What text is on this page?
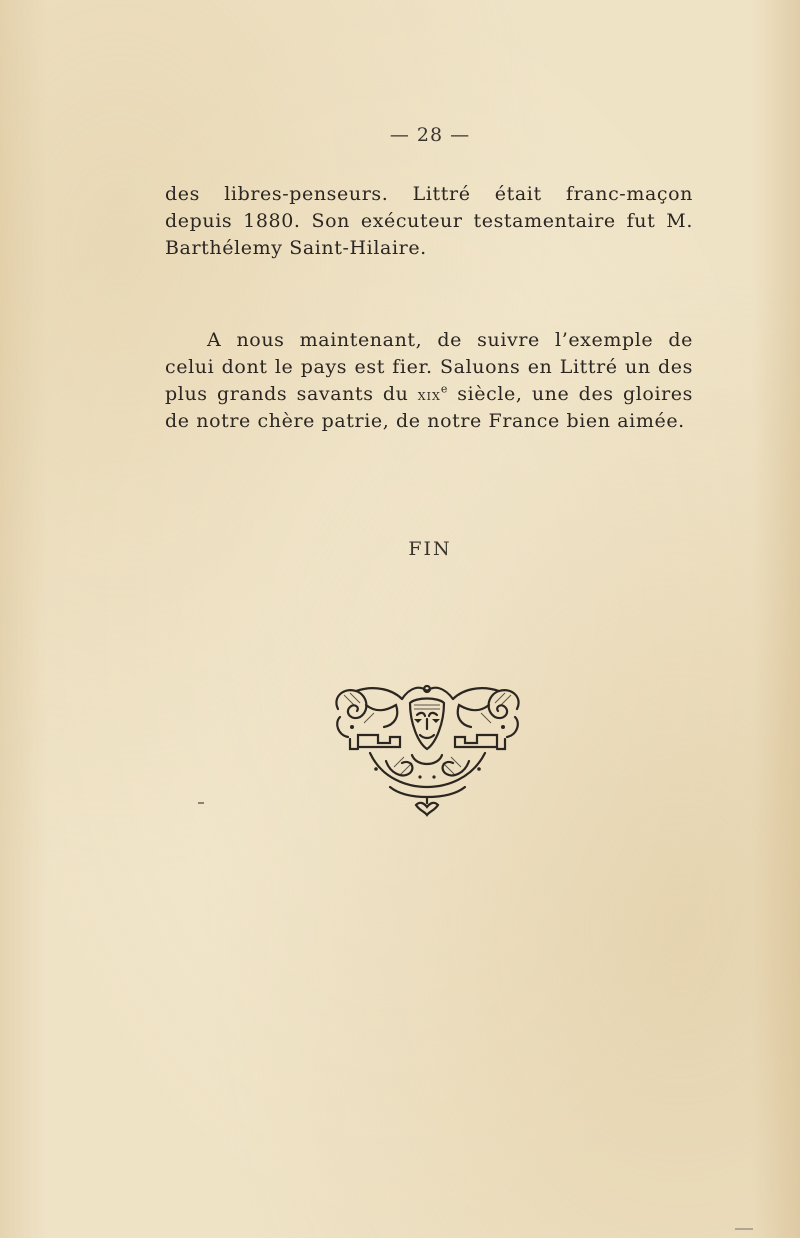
— 28 —

des libres-penseurs. Littré était franc-maçon depuis 1880. Son exécuteur testamentaire fut M. Barthélemy Saint-Hilaire.

A nous maintenant, de suivre l’exemple de celui dont le pays est fier. Saluons en Littré un des plus grands savants du xix$^e$ siècle, une des gloires de notre chère patrie, de notre France bien aimée.

FIN
